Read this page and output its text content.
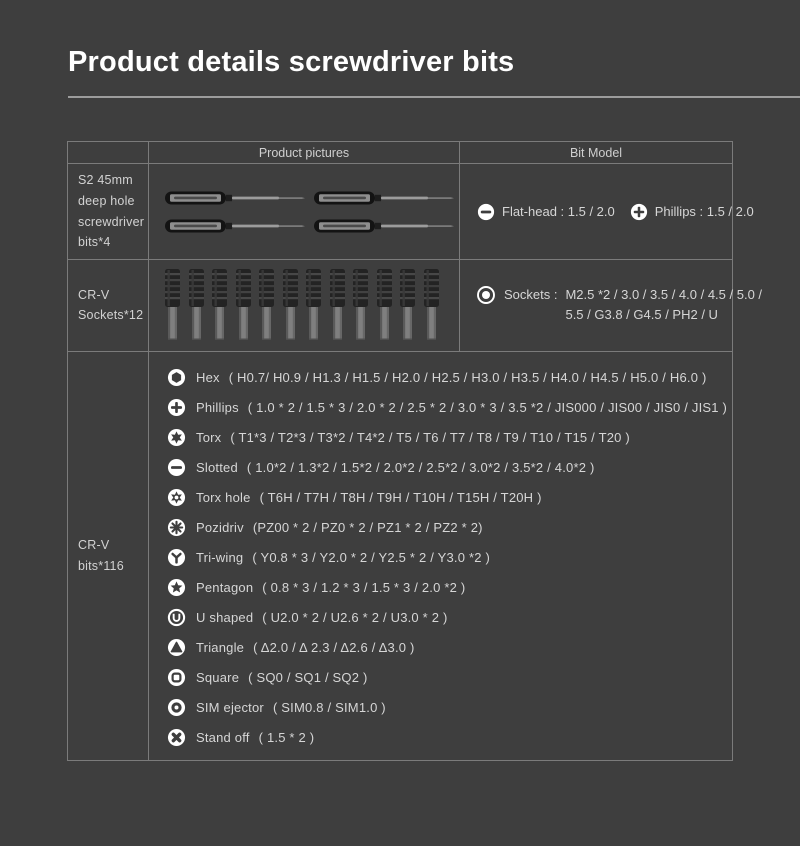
Product details screwdriver bits
	Product pictures	Bit Model
S2 45mm deep hole screwdriver bits*4		Flat-head : 1.5 / 2.0 Phillips : 1.5 / 2.0

CR-V Sockets*12		Sockets : M2.5 *2 / 3.0 / 3.5 / 4.0 / 4.5 / 5.0 /
5.5 / G3.8 / G4.5 / PH2 / U

CR-V bits*116	
Hex ( H0.7/ H0.9 / H1.3 / H1.5 / H2.0 / H2.5 / H3.0 / H3.5 / H4.0 / H4.5 / H5.0 / H6.0 )
Phillips ( 1.0 * 2 / 1.5 * 3 / 2.0 * 2 / 2.5 * 2 / 3.0 * 3 / 3.5 *2 / JIS000 / JIS00 / JIS0 / JIS1 )
Torx ( T1*3 / T2*3 / T3*2 / T4*2 / T5 / T6 / T7 / T8 / T9 / T10 / T15 / T20 )
Slotted ( 1.0*2 / 1.3*2 / 1.5*2 / 2.0*2 / 2.5*2 / 3.0*2 / 3.5*2 / 4.0*2 )
Torx hole ( T6H / T7H / T8H / T9H / T10H / T15H / T20H )
Pozidriv (PZ00 * 2 / PZ0 * 2 / PZ1 * 2 / PZ2 * 2)
Tri-wing ( Y0.8 * 3 / Y2.0 * 2 / Y2.5 * 2 / Y3.0 *2 )
Pentagon ( 0.8 * 3 / 1.2 * 3 / 1.5 * 3 / 2.0 *2 )
U shaped ( U2.0 * 2 / U2.6 * 2 / U3.0 * 2 )
Triangle ( Δ2.0 / Δ 2.3 / Δ2.6 / Δ3.0 )
Square ( SQ0 / SQ1 / SQ2 )
SIM ejector ( SIM0.8 / SIM1.0 )
Stand off ( 1.5 * 2 )
